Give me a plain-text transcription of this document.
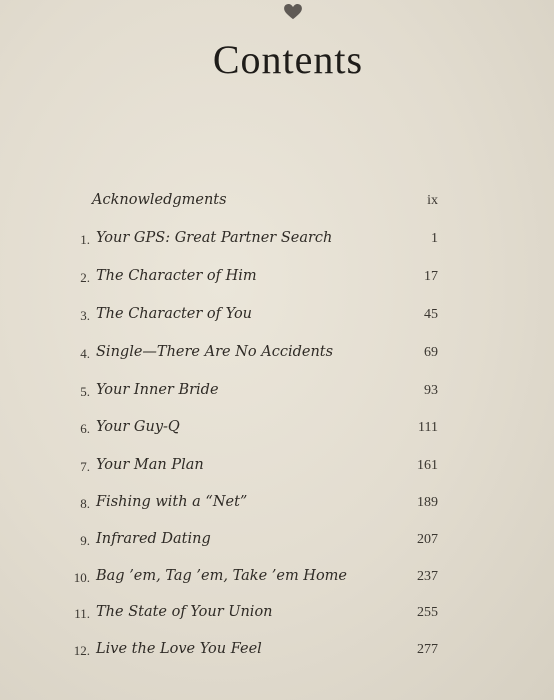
Contents
Acknowledgments	ix
1. Your GPS: Great Partner Search	1
2. The Character of Him	17
3. The Character of You	45
4. Single—There Are No Accidents	69
5. Your Inner Bride	93
6. Your Guy-Q	111
7. Your Man Plan	161
8. Fishing with a “Net”	189
9. Infrared Dating	207
10. Bag ’em, Tag ’em, Take ’em Home	237
11. The State of Your Union	255
12. Live the Love You Feel	277
